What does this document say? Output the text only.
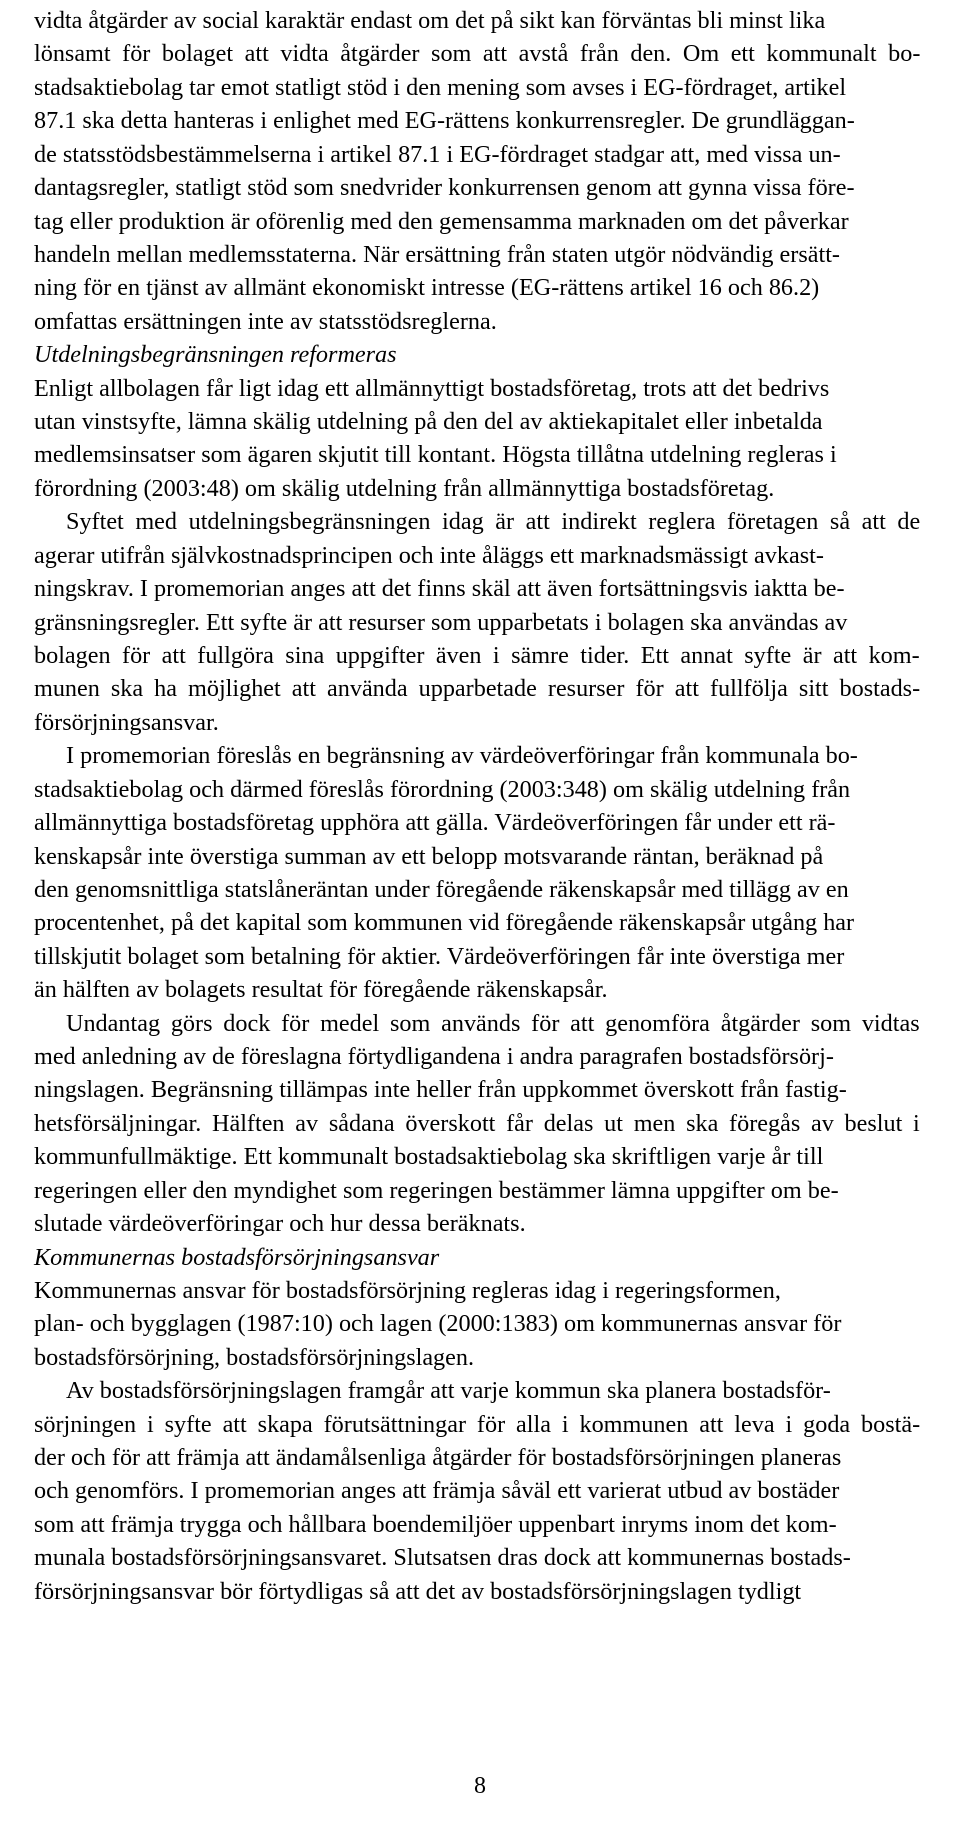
vidta åtgärder av social karaktär endast om det på sikt kan förväntas bli minst lika
lönsamt för bolaget att vidta åtgärder som att avstå från den. Om ett kommunalt bo-
stadsaktiebolag tar emot statligt stöd i den mening som avses i EG-fördraget, artikel
87.1 ska detta hanteras i enlighet med EG-rättens konkurrensregler. De grundläggan-
de statsstödsbestämmelserna i artikel 87.1 i EG-fördraget stadgar att, med vissa un-
dantagsregler, statligt stöd som snedvrider konkurrensen genom att gynna vissa före-
tag eller produktion är oförenlig med den gemensamma marknaden om det påverkar
handeln mellan medlemsstaterna. När ersättning från staten utgör nödvändig ersätt-
ning för en tjänst av allmänt ekonomiskt intresse (EG-rättens artikel 16 och 86.2)
omfattas ersättningen inte av statsstödsreglerna.
Utdelningsbegränsningen reformeras
Enligt allbolagen får ligt idag ett allmännyttigt bostadsföretag, trots att det bedrivs
utan vinstsyfte, lämna skälig utdelning på den del av aktiekapitalet eller inbetalda
medlemsinsatser som ägaren skjutit till kontant. Högsta tillåtna utdelning regleras i
förordning (2003:48) om skälig utdelning från allmännyttiga bostadsföretag.
Syftet med utdelningsbegränsningen idag är att indirekt reglera företagen så att de
agerar utifrån självkostnadsprincipen och inte åläggs ett marknadsmässigt avkast-
ningskrav. I promemorian anges att det finns skäl att även fortsättningsvis iaktta be-
gränsningsregler. Ett syfte är att resurser som upparbetats i bolagen ska användas av
bolagen för att fullgöra sina uppgifter även i sämre tider. Ett annat syfte är att kom-
munen ska ha möjlighet att använda upparbetade resurser för att fullfölja sitt bostads-
försörjningsansvar.
I promemorian föreslås en begränsning av värdeöverföringar från kommunala bo-
stadsaktiebolag och därmed föreslås förordning (2003:348) om skälig utdelning från
allmännyttiga bostadsföretag upphöra att gälla. Värdeöverföringen får under ett rä-
kenskapsår inte överstiga summan av ett belopp motsvarande räntan, beräknad på
den genomsnittliga statslåneräntan under föregående räkenskapsår med tillägg av en
procentenhet, på det kapital som kommunen vid föregående räkenskapsår utgång har
tillskjutit bolaget som betalning för aktier. Värdeöverföringen får inte överstiga mer
än hälften av bolagets resultat för föregående räkenskapsår.
Undantag görs dock för medel som används för att genomföra åtgärder som vidtas
med anledning av de föreslagna förtydligandena i andra paragrafen bostadsförsörj-
ningslagen. Begränsning tillämpas inte heller från uppkommet överskott från fastig-
hetsförsäljningar. Hälften av sådana överskott får delas ut men ska föregås av beslut i
kommunfullmäktige. Ett kommunalt bostadsaktiebolag ska skriftligen varje år till
regeringen eller den myndighet som regeringen bestämmer lämna uppgifter om be-
slutade värdeöverföringar och hur dessa beräknats.
Kommunernas bostadsförsörjningsansvar
Kommunernas ansvar för bostadsförsörjning regleras idag i regeringsformen,
plan- och bygglagen (1987:10) och lagen (2000:1383) om kommunernas ansvar för
bostadsförsörjning, bostadsförsörjningslagen.
Av bostadsförsörjningslagen framgår att varje kommun ska planera bostadsför-
sörjningen i syfte att skapa förutsättningar för alla i kommunen att leva i goda bostä-
der och för att främja att ändamålsenliga åtgärder för bostadsförsörjningen planeras
och genomförs. I promemorian anges att främja såväl ett varierat utbud av bostäder
som att främja trygga och hållbara boendemiljöer uppenbart inryms inom det kom-
munala bostadsförsörjningsansvaret. Slutsatsen dras dock att kommunernas bostads-
försörjningsansvar bör förtydligas så att det av bostadsförsörjningslagen tydligt
8
